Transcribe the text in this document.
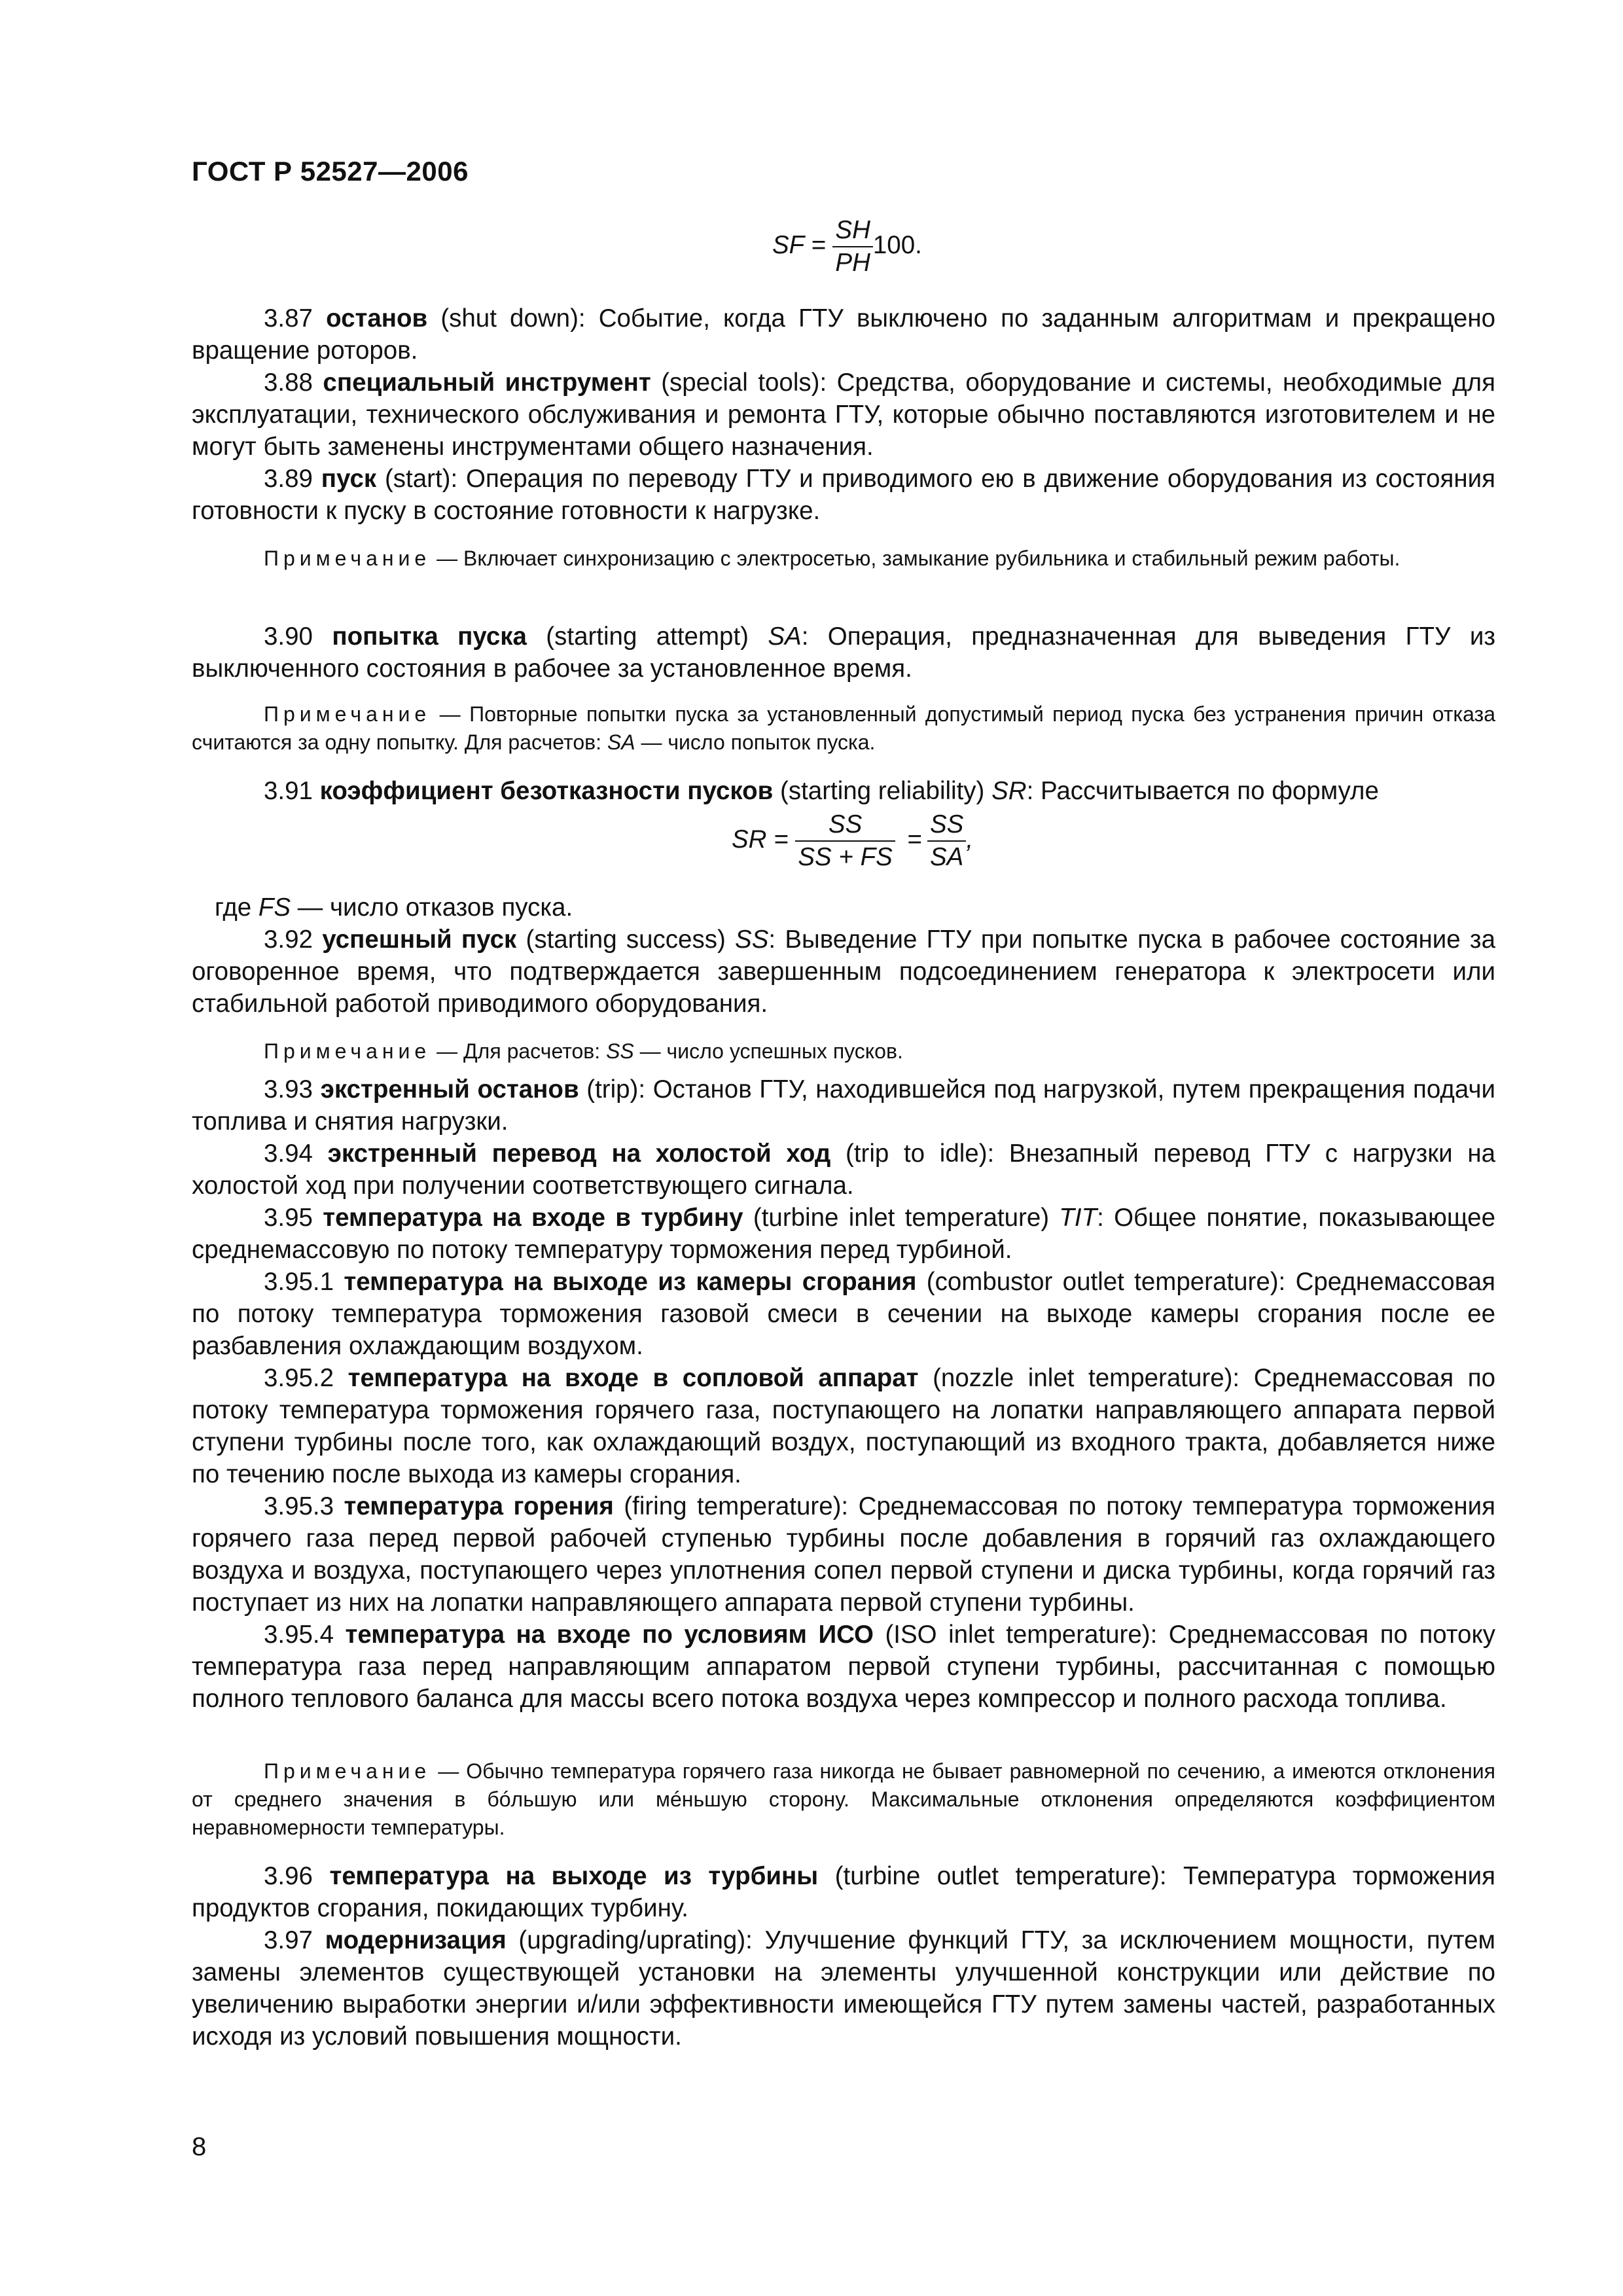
ГОСТ Р 52527—2006
SF = $\frac{SH}{PH} 100$.

3.87 останов (shut down): Событие, когда ГТУ выключено по заданным алгоритмам и прекращено вращение роторов.

3.88 специальный инструмент (special tools): Средства, оборудование и системы, необходимые для эксплуатации, технического обслуживания и ремонта ГТУ, которые обычно поставляются изготовителем и не могут быть заменены инструментами общего назначения.

3.89 пуск (start): Операция по переводу ГТУ и приводимого ею в движение оборудования из состояния готовности к пуску в состояние готовности к нагрузке.

Примечание — Включает синхронизацию с электросетью, замыкание рубильника и стабильный режим работы.

3.90 попытка пуска (starting attempt) SA: Операция, предназначенная для выведения ГТУ из выключенного состояния в рабочее за установленное время.

Примечание — Повторные попытки пуска за установленный допустимый период пуска без устранения причин отказа считаются за одну попытку. Для расчетов: SA — число попыток пуска.

3.91 коэффициент безотказности пусков (starting reliability) SR: Рассчитывается по формуле

SR = $\frac{SS}{SS + FS} = \frac{SS}{SA}$ ,

где FS — число отказов пуска.

3.92 успешный пуск (starting success) SS: Выведение ГТУ при попытке пуска в рабочее состояние за оговоренное время, что подтверждается завершенным подсоединением генератора к электросети или стабильной работой приводимого оборудования.

Примечание — Для расчетов: SS — число успешных пусков.

3.93 экстренный останов (trip): Останов ГТУ, находившейся под нагрузкой, путем прекращения подачи топлива и снятия нагрузки.

3.94 экстренный перевод на холостой ход (trip to idle): Внезапный перевод ГТУ с нагрузки на холостой ход при получении соответствующего сигнала.

3.95 температура на входе в турбину (turbine inlet temperature) TIT: Общее понятие, показывающее среднемассовую по потоку температуру торможения перед турбиной.

3.95.1 температура на выходе из камеры сгорания (combustor outlet temperature): Среднемассовая по потоку температура торможения газовой смеси в сечении на выходе камеры сгорания после ее разбавления охлаждающим воздухом.

3.95.2 температура на входе в сопловой аппарат (nozzle inlet temperature): Среднемассовая по потоку температура торможения горячего газа, поступающего на лопатки направляющего аппарата первой ступени турбины после того, как охлаждающий воздух, поступающий из входного тракта, добавляется ниже по течению после выхода из камеры сгорания.

3.95.3 температура горения (firing temperature): Среднемассовая по потоку температура торможения горячего газа перед первой рабочей ступенью турбины после добавления в горячий газ охлаждающего воздуха и воздуха, поступающего через уплотнения сопел первой ступени и диска турбины, когда горячий газ поступает из них на лопатки направляющего аппарата первой ступени турбины.

3.95.4 температура на входе по условиям ИСО (ISO inlet temperature): Среднемассовая по потоку температура газа перед направляющим аппаратом первой ступени турбины, рассчитанная с помощью полного теплового баланса для массы всего потока воздуха через компрессор и полного расхода топлива.

Примечание — Обычно температура горячего газа никогда не бывает равномерной по сечению, а имеются отклонения от среднего значения в бóльшую или мéньшую сторону. Максимальные отклонения определяются коэффициентом неравномерности температуры.

3.96 температура на выходе из турбины (turbine outlet temperature): Температура торможения продуктов сгорания, покидающих турбину.

3.97 модернизация (upgrading/uprating): Улучшение функций ГТУ, за исключением мощности, путем замены элементов существующей установки на элементы улучшенной конструкции или действие по увеличению выработки энергии и/или эффективности имеющейся ГТУ путем замены частей, разработанных исходя из условий повышения мощности.

8
